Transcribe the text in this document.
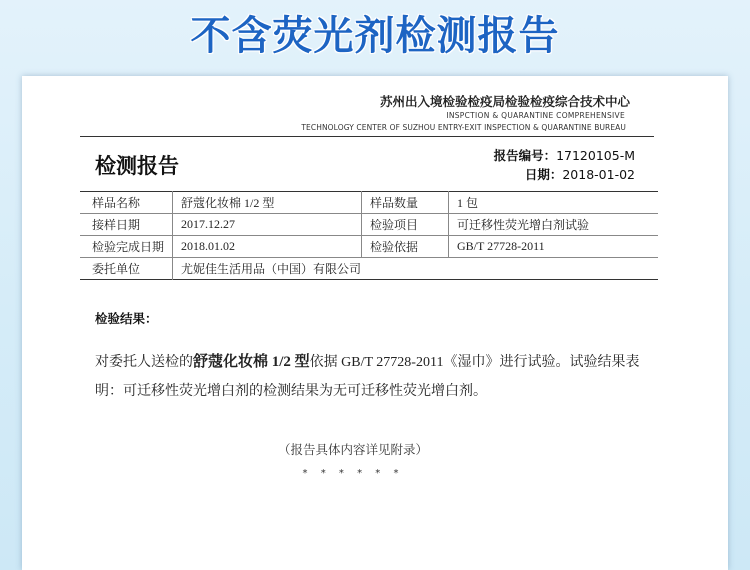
不含荧光剂检测报告
苏州出入境检验检疫局检验检疫综合技术中心
INSPCTION & QUARANTINE COMPREHENSIVE
TECHNOLOGY CENTER OF SUZHOU ENTRY-EXIT INSPECTION & QUARANTINE BUREAU
检测报告	报告编号：17120105-M
日期：2018-01-02
样品名称	舒蔻化妆棉 1/2 型	样品数量	1 包
接样日期	2017.12.27	检验项目	可迁移性荧光增白剂试验
检验完成日期	2018.01.02	检验依据	GB/T 27728-2011
委托单位	尤妮佳生活用品（中国）有限公司		
检验结果：
对委托人送检的舒蔻化妆棉 1/2 型依据 GB/T 27728-2011《湿巾》进行试验。试验结果表明：可迁移性荧光增白剂的检测结果为无可迁移性荧光增白剂。
（报告具体内容详见附录）
* * * * * *
